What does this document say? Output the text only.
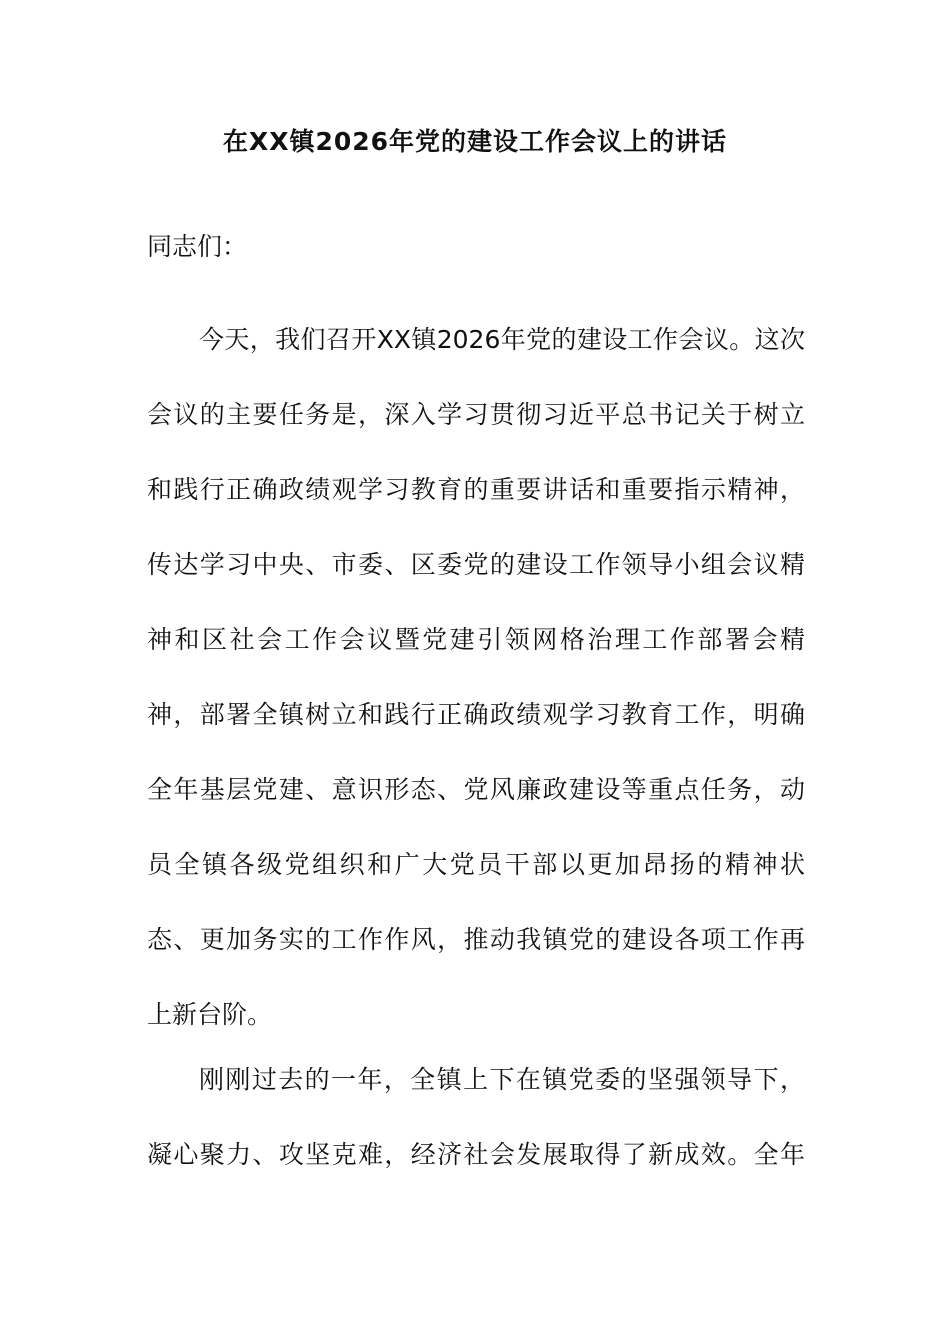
在XX镇2026年党的建设工作会议上的讲话
同志们：
今天，我们召开XX镇2026年党的建设工作会议。这次
会议的主要任务是，深入学习贯彻习近平总书记关于树立
和践行正确政绩观学习教育的重要讲话和重要指示精神，
传达学习中央、市委、区委党的建设工作领导小组会议精
神和区社会工作会议暨党建引领网格治理工作部署会精
神，部署全镇树立和践行正确政绩观学习教育工作，明确
全年基层党建、意识形态、党风廉政建设等重点任务，动
员全镇各级党组织和广大党员干部以更加昂扬的精神状
态、更加务实的工作作风，推动我镇党的建设各项工作再
上新台阶。
刚刚过去的一年，全镇上下在镇党委的坚强领导下，
凝心聚力、攻坚克难，经济社会发展取得了新成效。全年
